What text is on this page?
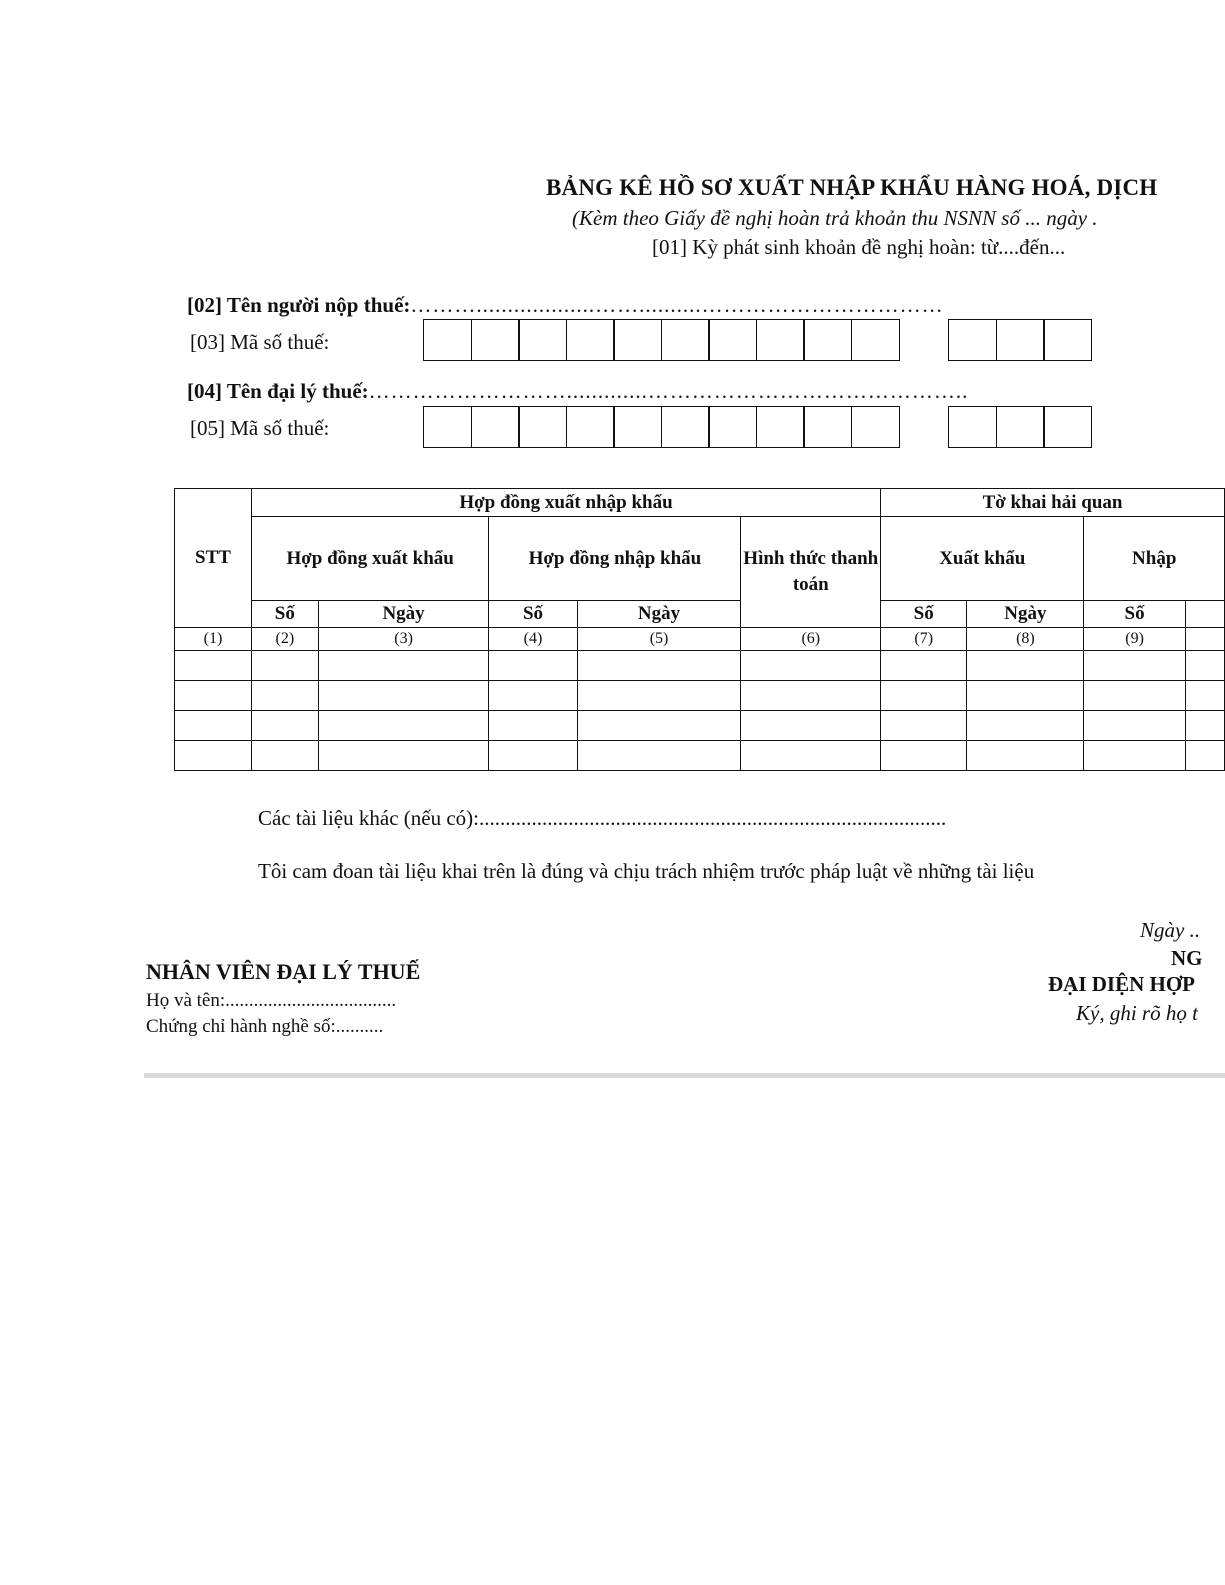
BẢNG KÊ HỒ SƠ XUẤT NHẬP KHẨU HÀNG HOÁ, DỊCH
(Kèm theo Giấy đề nghị hoàn trả khoản thu NSNN số ... ngày .
[01] Kỳ phát sinh khoản đề nghị hoàn: từ....đến...
[02] Tên người nộp thuế:………...................……..........……………………………
[03] Mã số thuế:
[04] Tên đại lý thuế:……………………….............……………………………………..
[05] Mã số thuế:
STT	Hợp đồng xuất nhập khẩu					Tờ khai hải quan			
	Hợp đồng xuất khẩu		Hợp đồng nhập khẩu		Hình thức thanh toán	Xuất khẩu		Nhập	
	Số	Ngày	Số	Ngày		Số	Ngày	Số	
(1)	(2)	(3)	(4)	(5)	(6)	(7)	(8)	(9)	

Các tài liệu khác (nếu có):.........................................................................................
Tôi cam đoan tài liệu khai trên là đúng và chịu trách nhiệm trước pháp luật về những tài liệu
Ngày ..
NG
ĐẠI DIỆN HỢP
Ký, ghi rõ họ t
NHÂN VIÊN ĐẠI LÝ THUẾ
Họ và tên:....................................
Chứng chỉ hành nghề số:..........
